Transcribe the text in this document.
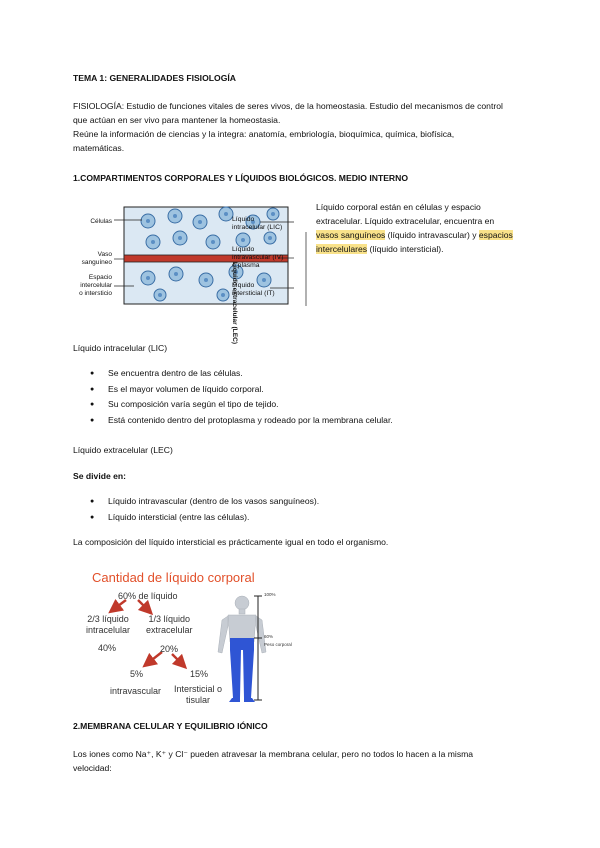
TEMA 1: GENERALIDADES FISIOLOGÍA
FISIOLOGÍA: Estudio de funciones vitales de seres vivos, de la homeostasia. Estudio del mecanismos de control
que actúan en ser vivo para mantener la homeostasia.
Reúne la información de ciencias y la integra: anatomía, embriología, bioquímica, química, biofísica,
matemáticas.
1.COMPARTIMENTOS CORPORALES Y LÍQUIDOS BIOLÓGICOS. MEDIO INTERNO
Células
Vaso
sanguíneo
Espacio
intercelular
o intersticio
Líquido
intracelular (LIC)
Líquido
intravascular (IV)
o plasma
Líquido
intersticial (IT)
Líquido extracelular (LEC)
Líquido corporal están en células y espacio
extracelular. Líquido extracelular, encuentra en
vasos sanguíneos (líquido intravascular) y espacios
intercelulares (líquido intersticial).
Líquido intracelular (LIC)
● Se encuentra dentro de las células.
● Es el mayor volumen de líquido corporal.
● Su composición varía según el tipo de tejido.
● Está contenido dentro del protoplasma y rodeado por la membrana celular.
Líquido extracelular (LEC)
Se divide en:
● Líquido intravascular (dentro de los vasos sanguíneos).
● Líquido intersticial (entre las células).
La composición del líquido intersticial es prácticamente igual en todo el organismo.
Cantidad de líquido corporal
60% de líquido
2/3 líquido
intracelular
40%
1/3 líquido
extracelular
20%
5%
intravascular
15%
Intersticial o
tisular
100%
60%
Peso corporal
2.MEMBRANA CELULAR Y EQUILIBRIO IÓNICO
Los iones como Na⁺, K⁺ y Cl⁻ pueden atravesar la membrana celular, pero no todos lo hacen a la misma
velocidad:
